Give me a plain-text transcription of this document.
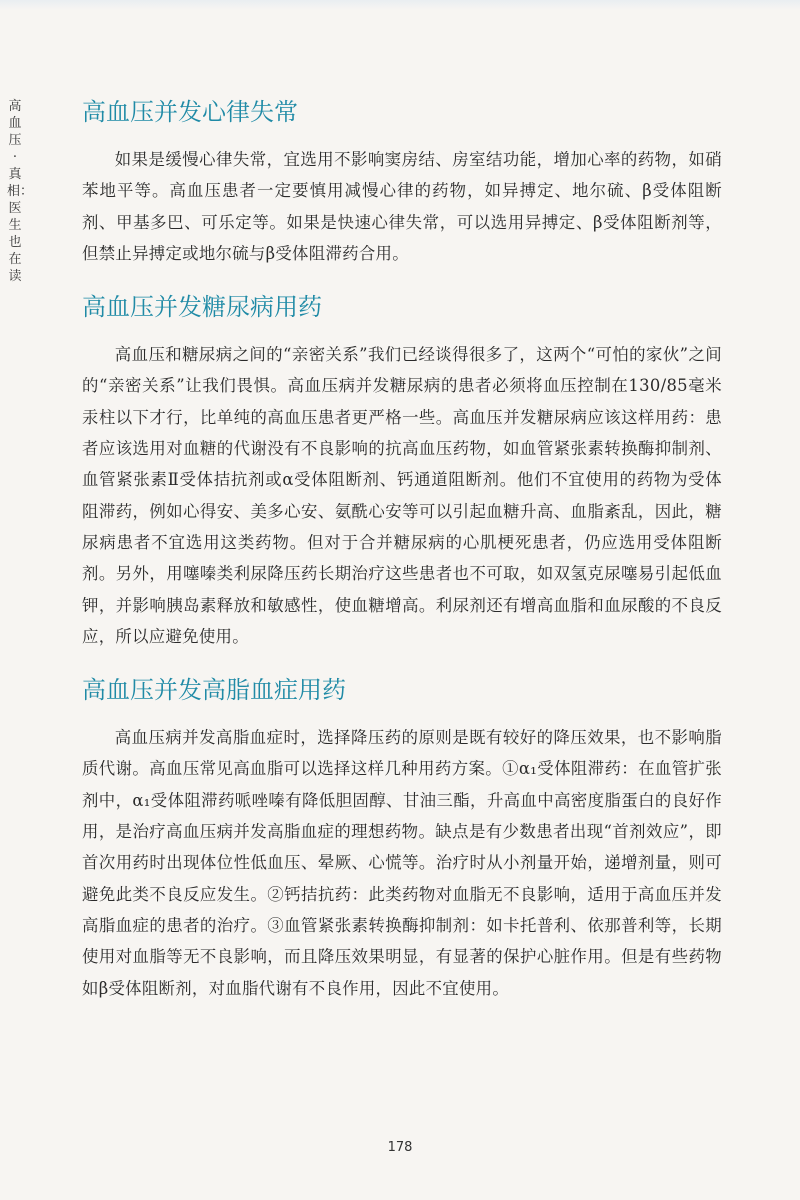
高血压·真相：医生也在读
高血压并发心律失常

如果是缓慢心律失常，宜选用不影响窦房结、房室结功能，增加心率的药物，如硝苯地平等。高血压患者一定要慎用减慢心律的药物，如异搏定、地尔硫、β受体阻断剂、甲基多巴、可乐定等。如果是快速心律失常，可以选用异搏定、β受体阻断剂等，但禁止异搏定或地尔硫与β受体阻滞药合用。

高血压并发糖尿病用药

高血压和糖尿病之间的“亲密关系”我们已经谈得很多了，这两个“可怕的家伙”之间的“亲密关系”让我们畏惧。高血压病并发糖尿病的患者必须将血压控制在130/85毫米汞柱以下才行，比单纯的高血压患者更严格一些。高血压并发糖尿病应该这样用药：患者应该选用对血糖的代谢没有不良影响的抗高血压药物，如血管紧张素转换酶抑制剂、血管紧张素Ⅱ受体拮抗剂或α受体阻断剂、钙通道阻断剂。他们不宜使用的药物为受体阻滞药，例如心得安、美多心安、氨酰心安等可以引起血糖升高、血脂紊乱，因此，糖尿病患者不宜选用这类药物。但对于合并糖尿病的心肌梗死患者，仍应选用受体阻断剂。另外，用噻嗪类利尿降压药长期治疗这些患者也不可取，如双氢克尿噻易引起低血钾，并影响胰岛素释放和敏感性，使血糖增高。利尿剂还有增高血脂和血尿酸的不良反应，所以应避免使用。

高血压并发高脂血症用药

高血压病并发高脂血症时，选择降压药的原则是既有较好的降压效果，也不影响脂质代谢。高血压常见高血脂可以选择这样几种用药方案。①α₁受体阻滞药：在血管扩张剂中，α₁受体阻滞药哌唑嗪有降低胆固醇、甘油三酯，升高血中高密度脂蛋白的良好作用，是治疗高血压病并发高脂血症的理想药物。缺点是有少数患者出现“首剂效应”，即首次用药时出现体位性低血压、晕厥、心慌等。治疗时从小剂量开始，递增剂量，则可避免此类不良反应发生。②钙拮抗药：此类药物对血脂无不良影响，适用于高血压并发高脂血症的患者的治疗。③血管紧张素转换酶抑制剂：如卡托普利、依那普利等，长期使用对血脂等无不良影响，而且降压效果明显，有显著的保护心脏作用。但是有些药物如β受体阻断剂，对血脂代谢有不良作用，因此不宜使用。

178
